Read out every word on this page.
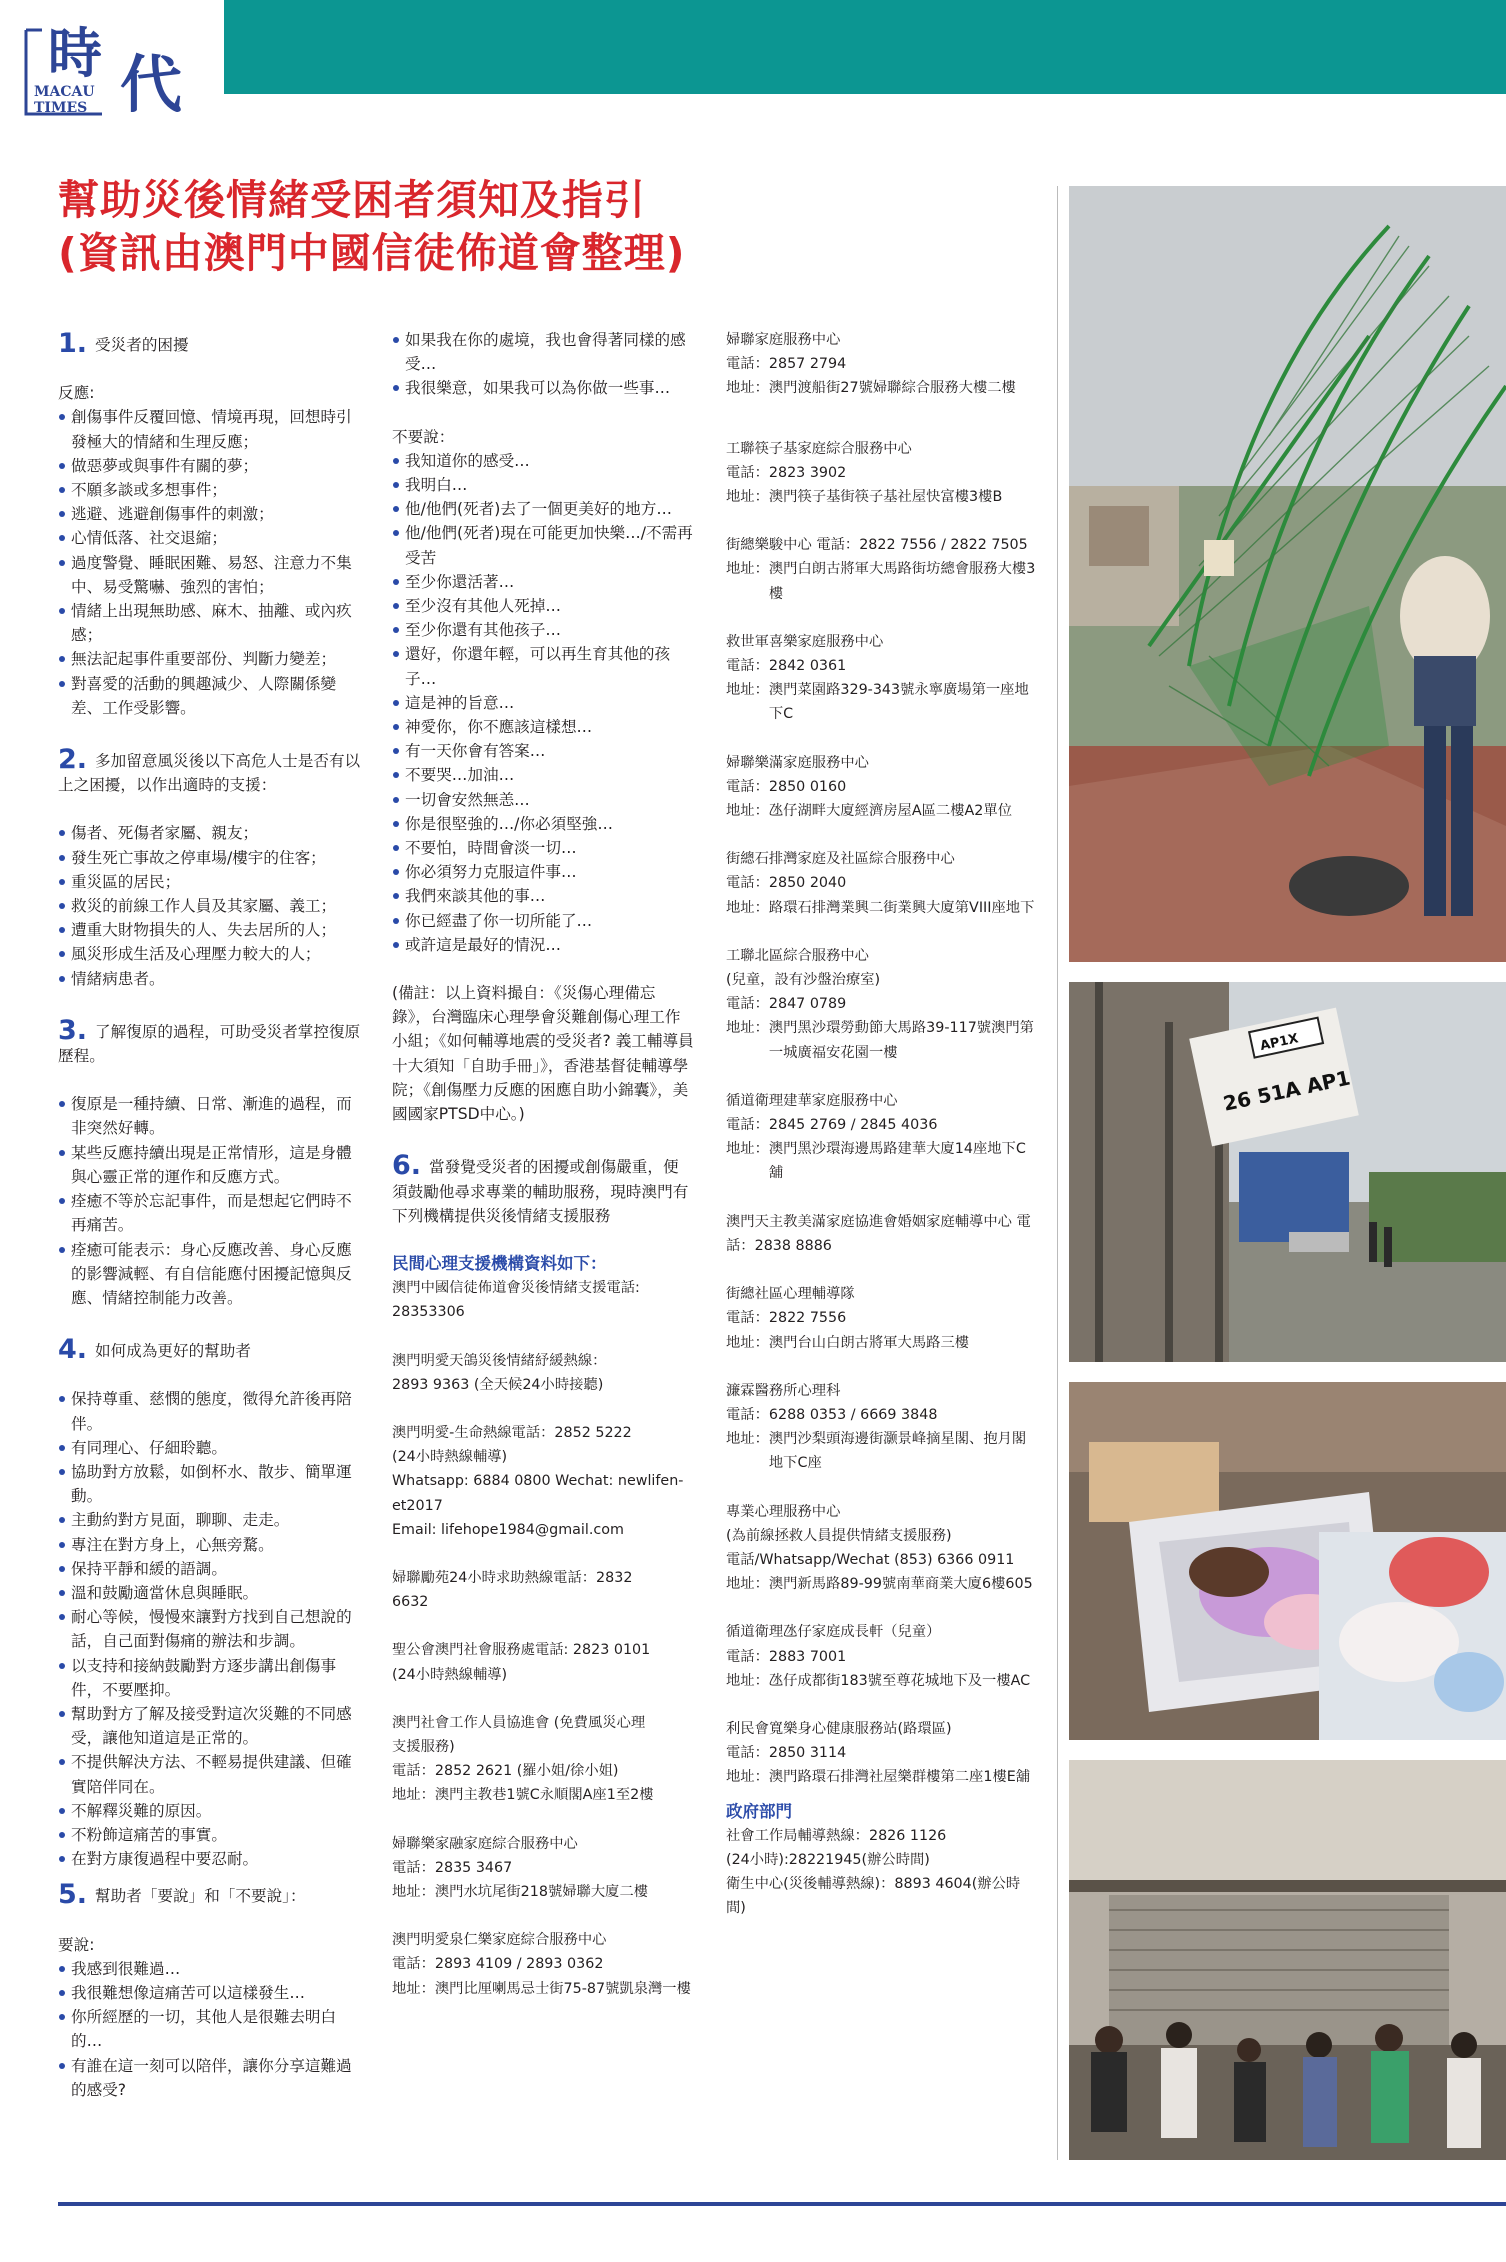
時 代
MACAU
TIMES
幫助災後情緒受困者須知及指引
(資訊由澳門中國信徒佈道會整理)
1. 受災者的困擾
反應:
創傷事件反覆回憶、情境再現，回想時引發極大的情緒和生理反應；
做惡夢或與事件有關的夢；
不願多談或多想事件；
逃避、逃避創傷事件的刺激；
心情低落、社交退縮；
過度警覺、睡眠困難、易怒、注意力不集中、易受驚嚇、強烈的害怕；
情緒上出現無助感、麻木、抽離、或內疚感；
無法記起事件重要部份、判斷力變差；
對喜愛的活動的興趣減少、人際關係變差、工作受影響。
2. 多加留意風災後以下高危人士是否有以上之困擾，以作出適時的支援：
傷者、死傷者家屬、親友；
發生死亡事故之停車場/樓宇的住客；
重災區的居民；
救災的前線工作人員及其家屬、義工；
遭重大財物損失的人、失去居所的人；
風災形成生活及心理壓力較大的人；
情緒病患者。
3. 了解復原的過程，可助受災者掌控復原歷程。
復原是一種持續、日常、漸進的過程，而非突然好轉。
某些反應持續出現是正常情形，這是身體與心靈正常的運作和反應方式。
痊癒不等於忘記事件，而是想起它們時不再痛苦。
痊癒可能表示：身心反應改善、身心反應的影響減輕、有自信能應付困擾記憶與反應、情緒控制能力改善。
4. 如何成為更好的幫助者
保持尊重、慈憫的態度，徵得允許後再陪伴。
有同理心、仔細聆聽。
協助對方放鬆，如倒杯水、散步、簡單運動。
主動約對方見面，聊聊、走走。
專注在對方身上，心無旁騖。
保持平靜和緩的語調。
溫和鼓勵適當休息與睡眠。
耐心等候，慢慢來讓對方找到自己想說的話，自己面對傷痛的辦法和步調。
以支持和接納鼓勵對方逐步講出創傷事件，不要壓抑。
幫助對方了解及接受對這次災難的不同感受，讓他知道這是正常的。
不提供解決方法、不輕易提供建議、但確實陪伴同在。
不解釋災難的原因。
不粉飾這痛苦的事實。
在對方康復過程中要忍耐。
5. 幫助者「要說」和「不要說」：
要說:
我感到很難過…
我很難想像這痛苦可以這樣發生…
你所經歷的一切，其他人是很難去明白的…
有誰在這一刻可以陪伴，讓你分享這難過的感受?
如果我在你的處境，我也會得著同樣的感受…
我很樂意，如果我可以為你做一些事…
不要說：
我知道你的感受…
我明白…
他/他們(死者)去了一個更美好的地方…
他/他們(死者)現在可能更加快樂…/不需再受苦
至少你還活著…
至少沒有其他人死掉…
至少你還有其他孩子…
還好，你還年輕，可以再生育其他的孩子…
這是神的旨意…
神愛你，你不應該這樣想…
有一天你會有答案…
不要哭…加油…
一切會安然無恙…
你是很堅強的…/你必須堅強…
不要怕，時間會淡一切…
你必須努力克服這件事…
我們來談其他的事…
你已經盡了你一切所能了…
或許這是最好的情況…
(備註：以上資料撮自：《災傷心理備忘錄》，台灣臨床心理學會災難創傷心理工作小組；《如何輔導地震的受災者? 義工輔導員十大須知「自助手冊」》，香港基督徒輔導學院；《創傷壓力反應的困應自助小錦囊》，美國國家PTSD中心。)
6. 當發覺受災者的困擾或創傷嚴重，便須鼓勵他尋求專業的輔助服務，現時澳門有下列機構提供災後情緒支援服務
民間心理支援機構資料如下：
澳門中國信徒佈道會災後情緒支援電話:
28353306
澳門明愛天鴿災後情緒紓緩熱線：
2893 9363 (全天候24小時接聽)
澳門明愛-生命熱線電話：2852 5222
(24小時熱線輔導)
Whatsapp: 6884 0800 Wechat: newlifen-
et2017
Email: lifehope1984@gmail.com
婦聯勵苑24小時求助熱線電話：2832
6632
聖公會澳門社會服務處電話: 2823 0101
(24小時熱線輔導)
澳門社會工作人員協進會 (免費風災心理
支援服務)
電話： 2852 2621 (羅小姐/徐小姐)
地址： 澳門主教巷1號C永順閣A座1至2樓
婦聯樂家融家庭綜合服務中心
電話： 2835 3467
地址： 澳門水坑尾街218號婦聯大廈二樓
澳門明愛泉仁樂家庭綜合服務中心
電話： 2893 4109 / 2893 0362
地址： 澳門比厘喇馬忌士街75-87號凱泉灣一樓
婦聯家庭服務中心
電話： 2857 2794
地址： 澳門渡船街27號婦聯綜合服務大樓二樓
工聯筷子基家庭綜合服務中心
電話： 2823 3902
地址： 澳門筷子基街筷子基社屋快富樓3樓B
街總樂駿中心 電話：2822 7556 / 2822 7505
地址： 澳門白朗古將軍大馬路街坊總會服務大樓3樓
救世軍喜樂家庭服務中心
電話： 2842 0361
地址： 澳門菜園路329-343號永寧廣場第一座地下C
婦聯樂滿家庭服務中心
電話： 2850 0160
地址： 氹仔湖畔大廈經濟房屋A區二樓A2單位
街總石排灣家庭及社區綜合服務中心
電話： 2850 2040
地址： 路環石排灣業興二街業興大廈第VIII座地下
工聯北區綜合服務中心
(兒童，設有沙盤治療室)
電話： 2847 0789
地址： 澳門黑沙環勞動節大馬路39-117號澳門第一城廣福安花園一樓
循道衛理建華家庭服務中心
電話： 2845 2769 / 2845 4036
地址： 澳門黑沙環海邊馬路建華大廈14座地下C舖
澳門天主教美滿家庭協進會婚姻家庭輔導中心 電話：2838 8886
街總社區心理輔導隊
電話： 2822 7556
地址： 澳門台山白朗古將軍大馬路三樓
濂霖醫務所心理科
電話： 6288 0353 / 6669 3848
地址： 澳門沙梨頭海邊街灏景峰摘星閣、抱月閣地下C座
專業心理服務中心
(為前線拯救人員提供情緒支援服務)
電話/Whatsapp/Wechat (853) 6366 0911
地址： 澳門新馬路89-99號南華商業大廈6樓605
循道衛理氹仔家庭成長軒（兒童）
電話： 2883 7001
地址： 氹仔成都街183號至尊花城地下及一樓AC
利民會寬樂身心健康服務站(路環區)
電話： 2850 3114
地址： 澳門路環石排灣社屋樂群樓第二座1樓E舖
政府部門
社會工作局輔導熱線：2826 1126
(24小時):28221945(辦公時間)
衛生中心(災後輔導熱線)：8893 4604(辦公時間)
AP1X
26 51A AP1
